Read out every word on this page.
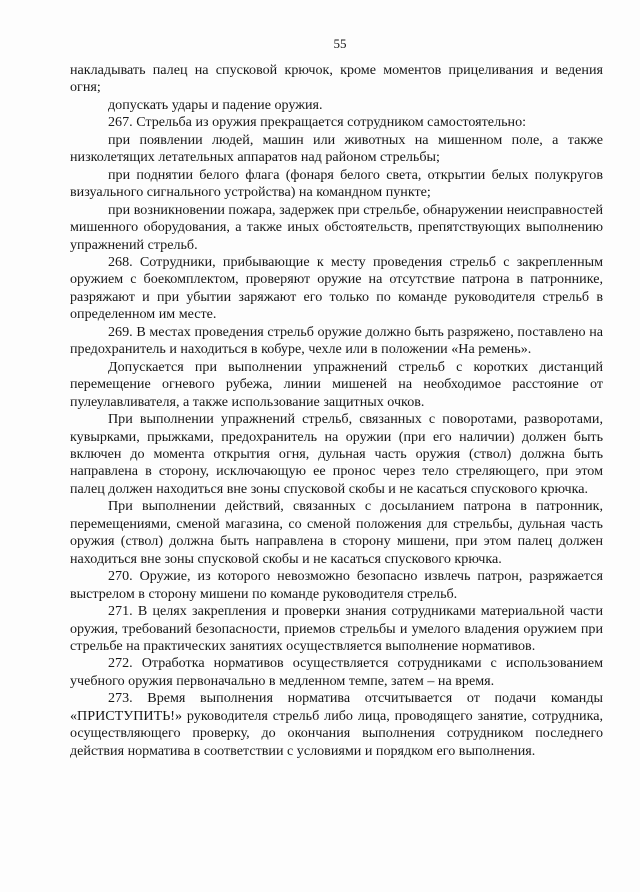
55

накладывать палец на спусковой крючок, кроме моментов прицеливания и ведения огня;

допускать удары и падение оружия.

267. Стрельба из оружия прекращается сотрудником самостоятельно:

при появлении людей, машин или животных на мишенном поле, а также низколетящих летательных аппаратов над районом стрельбы;

при поднятии белого флага (фонаря белого света, открытии белых полукругов визуального сигнального устройства) на командном пункте;

при возникновении пожара, задержек при стрельбе, обнаружении неисправностей мишенного оборудования, а также иных обстоятельств, препятствующих выполнению упражнений стрельб.

268. Сотрудники, прибывающие к месту проведения стрельб с закрепленным оружием с боекомплектом, проверяют оружие на отсутствие патрона в патроннике, разряжают и при убытии заряжают его только по команде руководителя стрельб в определенном им месте.

269. В местах проведения стрельб оружие должно быть разряжено, поставлено на предохранитель и находиться в кобуре, чехле или в положении «На ремень».

Допускается при выполнении упражнений стрельб с коротких дистанций перемещение огневого рубежа, линии мишеней на необходимое расстояние от пулеулавливателя, а также использование защитных очков.

При выполнении упражнений стрельб, связанных с поворотами, разворотами, кувырками, прыжками, предохранитель на оружии (при его наличии) должен быть включен до момента открытия огня, дульная часть оружия (ствол) должна быть направлена в сторону, исключающую ее пронос через тело стреляющего, при этом палец должен находиться вне зоны спусковой скобы и не касаться спускового крючка.

При выполнении действий, связанных с досыланием патрона в патронник, перемещениями, сменой магазина, со сменой положения для стрельбы, дульная часть оружия (ствол) должна быть направлена в сторону мишени, при этом палец должен находиться вне зоны спусковой скобы и не касаться спускового крючка.

270. Оружие, из которого невозможно безопасно извлечь патрон, разряжается выстрелом в сторону мишени по команде руководителя стрельб.

271. В целях закрепления и проверки знания сотрудниками материальной части оружия, требований безопасности, приемов стрельбы и умелого владения оружием при стрельбе на практических занятиях осуществляется выполнение нормативов.

272. Отработка нормативов осуществляется сотрудниками с использованием учебного оружия первоначально в медленном темпе, затем – на время.

273. Время выполнения норматива отсчитывается от подачи команды «ПРИСТУПИТЬ!» руководителя стрельб либо лица, проводящего занятие, сотрудника, осуществляющего проверку, до окончания выполнения сотрудником последнего действия норматива в соответствии с условиями и порядком его выполнения.
